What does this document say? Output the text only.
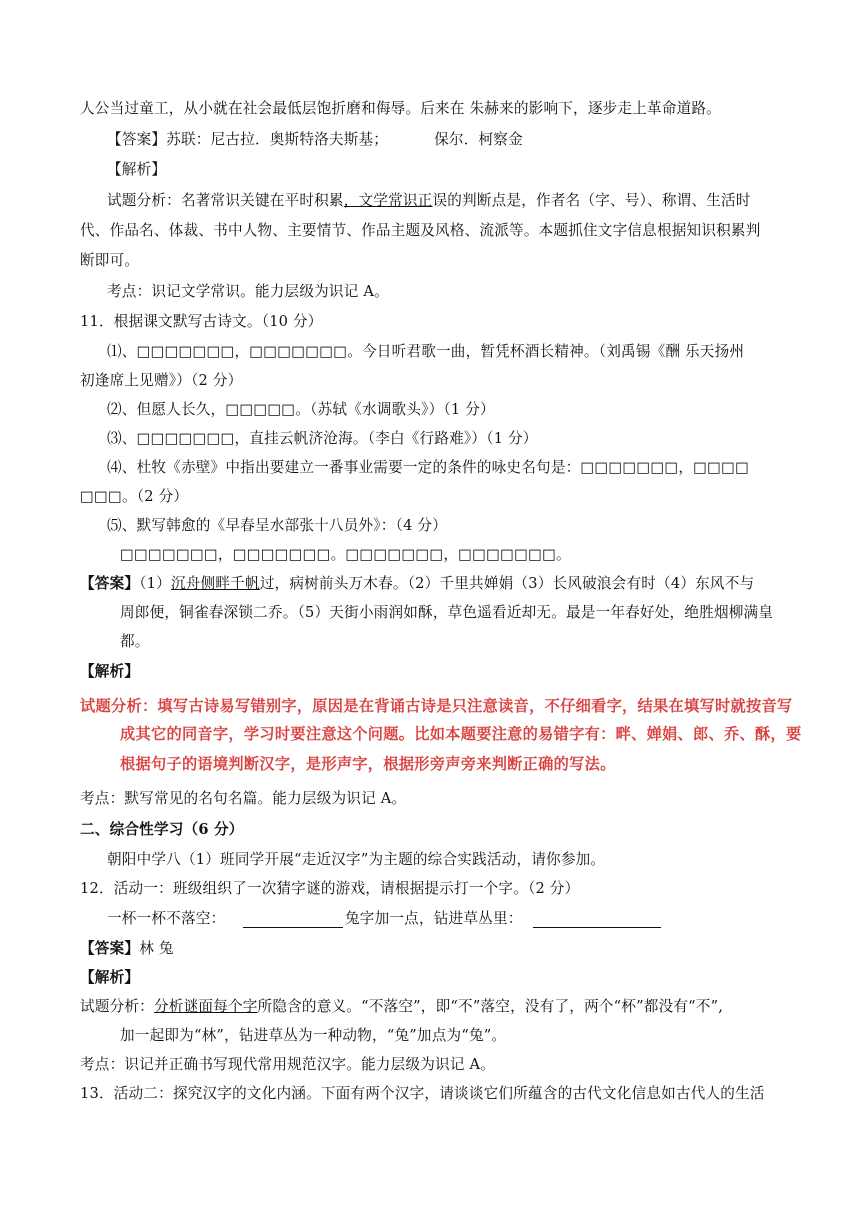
人公当过童工，从小就在社会最低层饱折磨和侮辱。后来在 朱赫来的影响下，逐步走上革命道路。
【答案】苏联：尼古拉．奥斯特洛夫斯基；	保尔．柯察金
【解析】
试题分析：名著常识关键在平时积累，文学常识正误的判断点是，作者名（字、号）、称谓、生活时
代、作品名、体裁、书中人物、主要情节、作品主题及风格、流派等。本题抓住文字信息根据知识积累判
断即可。
考点：识记文学常识。能力层级为识记 A。
11．根据课文默写古诗文。（10 分）
⑴、□□□□□□□，□□□□□□□。今日听君歌一曲，暂凭杯酒长精神。（刘禹锡《酬 乐天扬州
初逢席上见赠》）（2 分）
⑵、但愿人长久，□□□□□。（苏轼《水调歌头》）（1 分）
⑶、□□□□□□□，直挂云帆济沧海。（李白《行路难》）（1 分）
⑷、杜牧《赤壁》中指出要建立一番事业需要一定的条件的咏史名句是：□□□□□□□，□□□□
□□□。（2 分）
⑸、默写韩愈的《早春呈水部张十八员外》：（4 分）
□□□□□□□，□□□□□□□。□□□□□□□，□□□□□□□。
【答案】（1）沉舟侧畔千帆过，病树前头万木春。（2）千里共婵娟（3）长风破浪会有时（4）东风不与
周郎便，铜雀春深锁二乔。（5）天街小雨润如酥，草色遥看近却无。最是一年春好处，绝胜烟柳满皇
都。
【解析】
试题分析：填写古诗易写错别字，原因是在背诵古诗是只注意读音，不仔细看字，结果在填写时就按音写
成其它的同音字，学习时要注意这个问题。比如本题要注意的易错字有：畔、婵娟、郎、乔、酥，要
根据句子的语境判断汉字，是形声字，根据形旁声旁来判断正确的写法。
考点：默写常见的名句名篇。能力层级为识记 A。
二、综合性学习（6 分）
朝阳中学八（1）班同学开展“走近汉字”为主题的综合实践活动，请你参加。
12．活动一：班级组织了一次猜字谜的游戏，请根据提示打一个字。（2 分）
一杯一杯不落空：	兔字加一点，钻进草丛里：
【答案】林 兔
【解析】
试题分析：分析谜面每个字所隐含的意义。“不落空”，即“不”落空，没有了，两个“杯”都没有“不”,
加一起即为“林”，钻进草丛为一种动物，“兔”加点为“兔”。
考点：识记并正确书写现代常用规范汉字。能力层级为识记 A。
13．活动二：探究汉字的文化内涵。下面有两个汉字，请谈谈它们所蕴含的古代文化信息如古代人的生活
